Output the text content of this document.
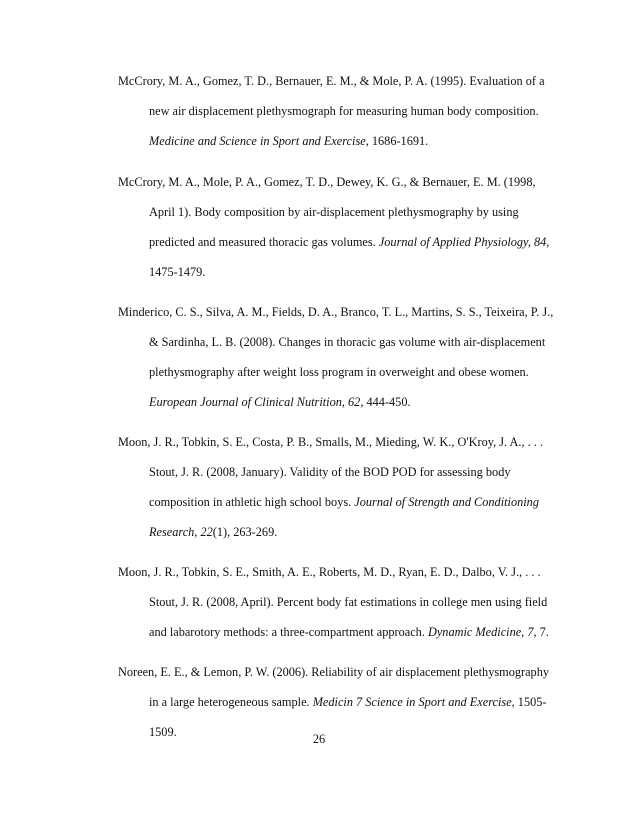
McCrory, M. A., Gomez, T. D., Bernauer, E. M., & Mole, P. A. (1995). Evaluation of a
new air displacement plethysmograph for measuring human body composition.
Medicine and Science in Sport and Exercise, 1686-1691.
McCrory, M. A., Mole, P. A., Gomez, T. D., Dewey, K. G., & Bernauer, E. M. (1998,
April 1). Body composition by air-displacement plethysmography by using
predicted and measured thoracic gas volumes. Journal of Applied Physiology, 84,
1475-1479.
Minderico, C. S., Silva, A. M., Fields, D. A., Branco, T. L., Martins, S. S., Teixeira, P. J.,
& Sardinha, L. B. (2008). Changes in thoracic gas volume with air-displacement
plethysmography after weight loss program in overweight and obese women.
European Journal of Clinical Nutrition, 62, 444-450.
Moon, J. R., Tobkin, S. E., Costa, P. B., Smalls, M., Mieding, W. K., O'Kroy, J. A., . . .
Stout, J. R. (2008, January). Validity of the BOD POD for assessing body
composition in athletic high school boys. Journal of Strength and Conditioning
Research, 22(1), 263-269.
Moon, J. R., Tobkin, S. E., Smith, A. E., Roberts, M. D., Ryan, E. D., Dalbo, V. J., . . .
Stout, J. R. (2008, April). Percent body fat estimations in college men using field
and labarotory methods: a three-compartment approach. Dynamic Medicine, 7, 7.
Noreen, E. E., & Lemon, P. W. (2006). Reliability of air displacement plethysmography
in a large heterogeneous sample. Medicin 7 Science in Sport and Exercise, 1505-
1509.	26
